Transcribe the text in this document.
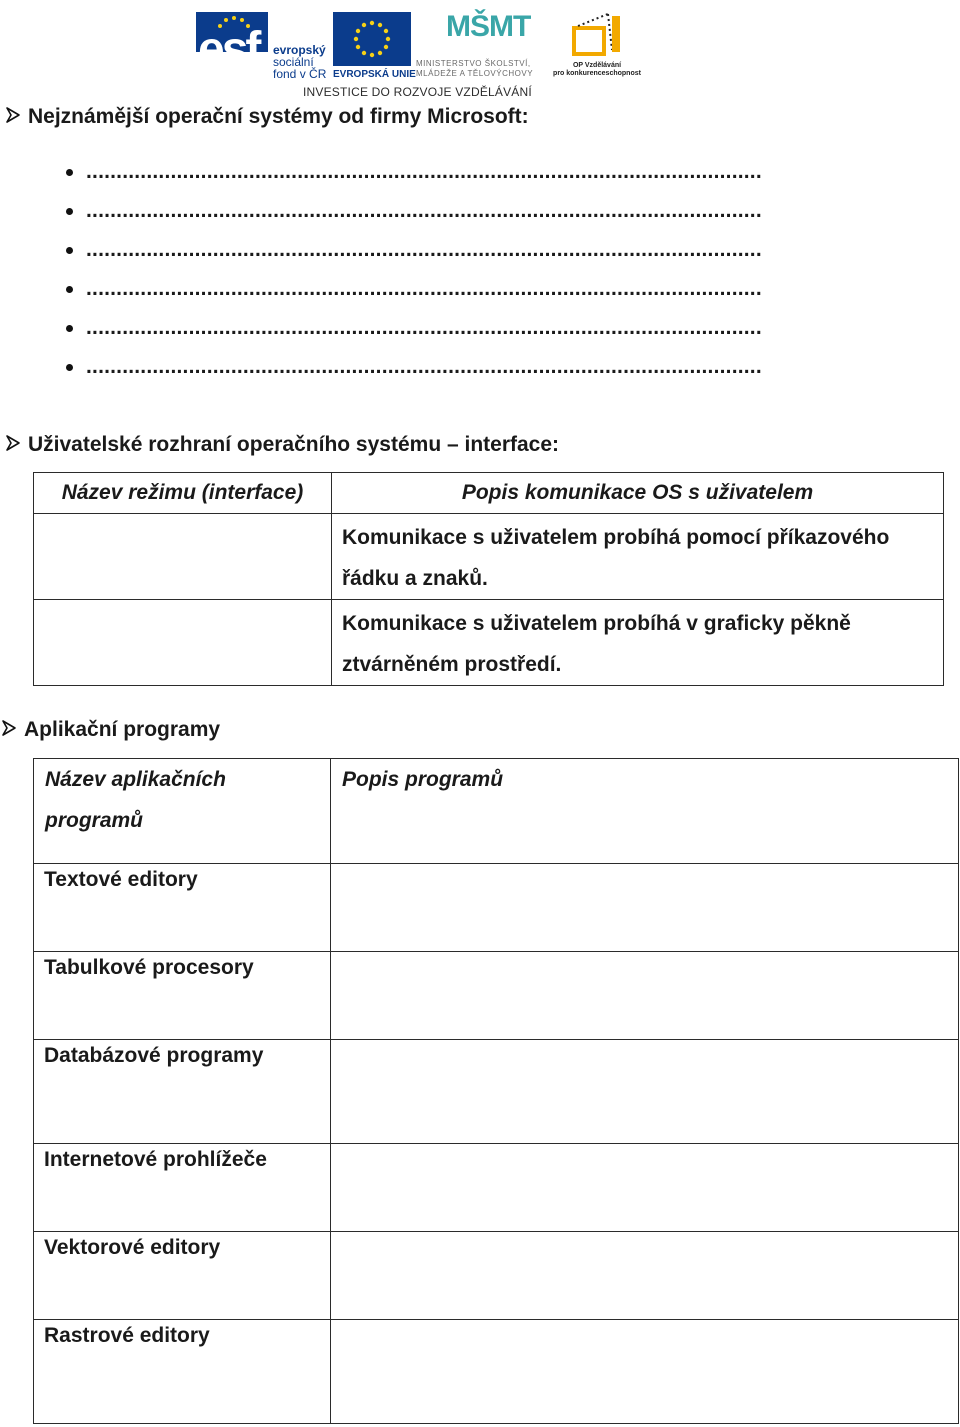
esf evropský
sociální
fond v ČR EVROPSKÁ UNIE
MŠMT
MINISTERSTVO ŠKOLSTVÍ,
MLÁDEŽE A TĚLOVÝCHOVY
OP Vzdělávání
pro konkurenceschopnost
INVESTICE DO ROZVOJE VZDĚLÁVÁNÍ
Nejznámější operační systémy od firmy Microsoft:
................................................................................................................
................................................................................................................
................................................................................................................
................................................................................................................
................................................................................................................
................................................................................................................
Uživatelské rozhraní operačního systému – interface:
Název režimu (interface)	Popis komunikace OS s uživatelem

	Komunikace s uživatelem probíhá pomocí příkazového řádku a znaků.

	Komunikace s uživatelem probíhá v graficky pěkně ztvárněném prostředí.
Aplikační programy
Název aplikačních programů	Popis programů
Textové editory	
Tabulkové procesory	
Databázové programy	
Internetové prohlížeče	
Vektorové editory	
Rastrové editory	
